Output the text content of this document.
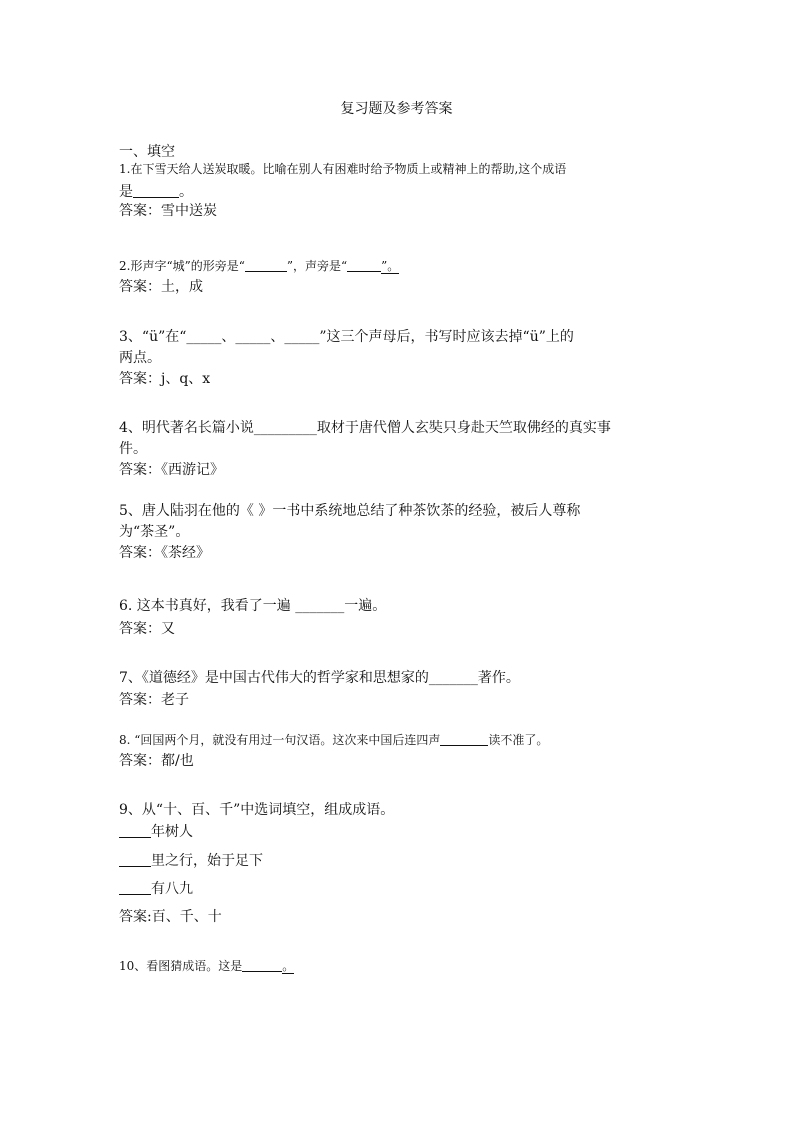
复习题及参考答案
一、填空
1.在下雪天给人送炭取暖。比喻在别人有困难时给予物质上或精神上的帮助,这个成语
是	。
答案：雪中送炭
2.形声字“城”的形旁是“	”，声旁是“	”。
答案：土，成
3、“ü”在“_____、_____、_____”这三个声母后，书写时应该去掉“ü”上的
两点。
答案：j、q、x
4、明代著名长篇小说_________取材于唐代僧人玄奘只身赴天竺取佛经的真实事
件。
答案：《西游记》
5、唐人陆羽在他的《 》一书中系统地总结了种茶饮茶的经验，被后人尊称
为“茶圣”。
答案：《茶经》
6. 这本书真好，我看了一遍 _______一遍。
答案：又
7、《道德经》是中国古代伟大的哲学家和思想家的_______著作。
答案：老子
8. “回国两个月，就没有用过一句汉语。这次来中国后连四声	读不准了。
答案：都/也
9、从“十、百、千”中选词填空，组成成语。
年树人
里之行，始于足下
有八九
答案:百、千、十
10、看图猜成语。这是	。
